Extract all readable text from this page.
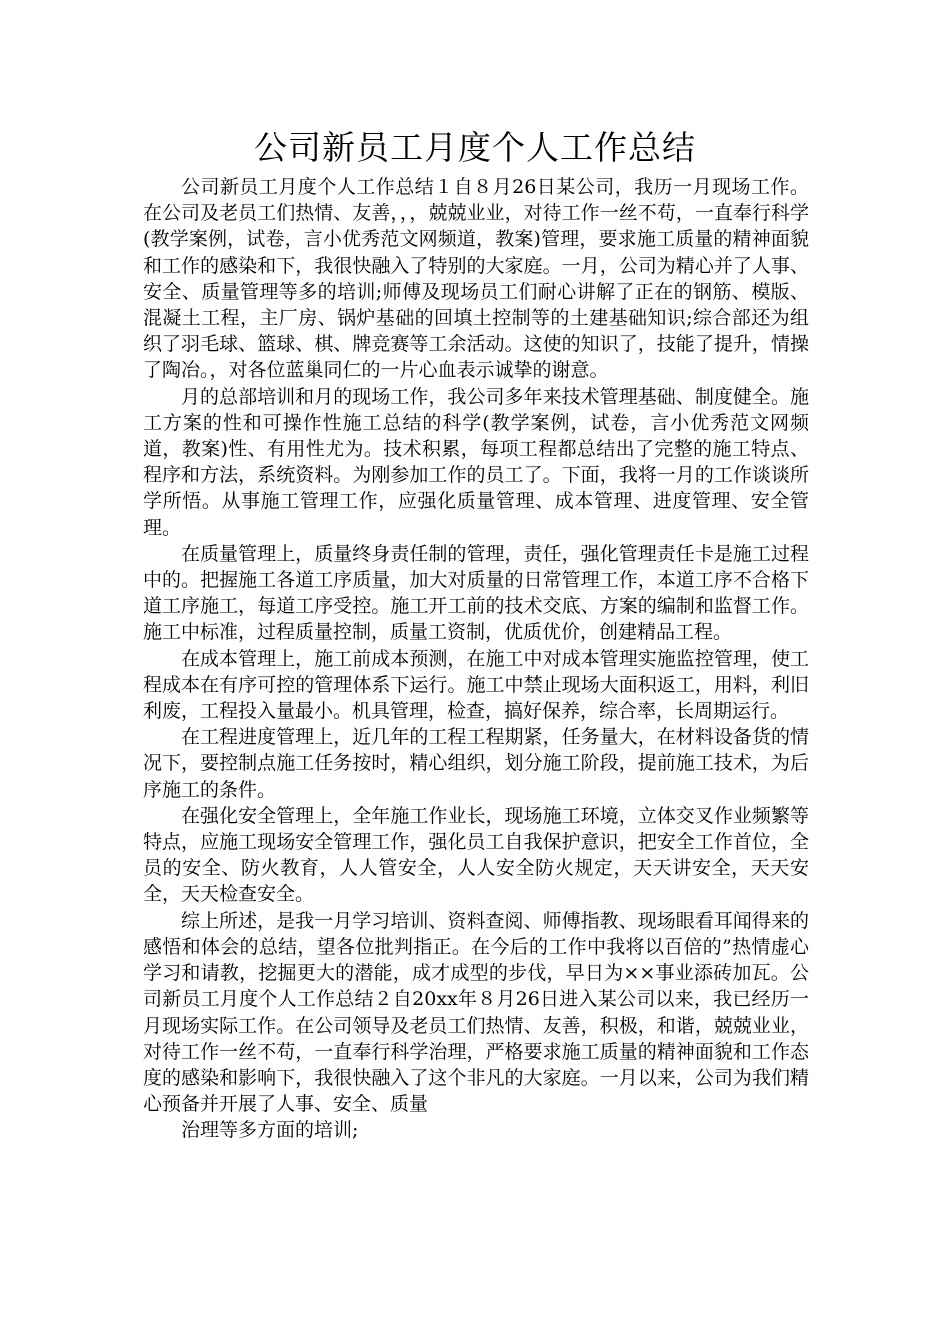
公司新员工月度个人工作总结

公司新员工月度个人工作总结１自８月26日某公司，我历一月现场工作。在公司及老员工们热情、友善，，，兢兢业业，对待工作一丝不苟，一直奉行科学(教学案例，试卷，言小优秀范文网频道，教案)管理，要求施工质量的精神面貌和工作的感染和下，我很快融入了特别的大家庭。一月，公司为精心并了人事、安全、质量管理等多的培训;师傅及现场员工们耐心讲解了正在的钢筋、模版、混凝土工程，主厂房、锅炉基础的回填土控制等的土建基础知识;综合部还为组织了羽毛球、篮球、棋、牌竞赛等工余活动。这使的知识了，技能了提升，情操了陶冶。，对各位蓝巢同仁的一片心血表示诚挚的谢意。

月的总部培训和月的现场工作，我公司多年来技术管理基础、制度健全。施工方案的性和可操作性施工总结的科学(教学案例，试卷，言小优秀范文网频道，教案)性、有用性尤为。技术积累，每项工程都总结出了完整的施工特点、程序和方法，系统资料。为刚参加工作的员工了。下面，我将一月的工作谈谈所学所悟。从事施工管理工作，应强化质量管理、成本管理、进度管理、安全管理。

在质量管理上，质量终身责任制的管理，责任，强化管理责任卡是施工过程中的。把握施工各道工序质量，加大对质量的日常管理工作，本道工序不合格下道工序施工，每道工序受控。施工开工前的技术交底、方案的编制和监督工作。施工中标准，过程质量控制，质量工资制，优质优价，创建精品工程。

在成本管理上，施工前成本预测，在施工中对成本管理实施监控管理，使工程成本在有序可控的管理体系下运行。施工中禁止现场大面积返工，用料，利旧利废，工程投入量最小。机具管理，检查，搞好保养，综合率，长周期运行。

在工程进度管理上，近几年的工程工程期紧，任务量大，在材料设备货的情况下，要控制点施工任务按时，精心组织，划分施工阶段，提前施工技术，为后序施工的条件。

在强化安全管理上，全年施工作业长，现场施工环境，立体交叉作业频繁等特点，应施工现场安全管理工作，强化员工自我保护意识，把安全工作首位，全员的安全、防火教育，人人管安全，人人安全防火规定，天天讲安全，天天安全，天天检查安全。

综上所述，是我一月学习培训、资料查阅、师傅指教、现场眼看耳闻得来的感悟和体会的总结，望各位批判指正。在今后的工作中我将以百倍的”热情虚心学习和请教，挖掘更大的潜能，成才成型的步伐，早日为××事业添砖加瓦。公司新员工月度个人工作总结２自20xx年８月26日进入某公司以来，我已经历一月现场实际工作。在公司领导及老员工们热情、友善，积极，和谐，兢兢业业，对待工作一丝不苟，一直奉行科学治理，严格要求施工质量的精神面貌和工作态度的感染和影响下，我很快融入了这个非凡的大家庭。一月以来，公司为我们精心预备并开展了人事、安全、质量

治理等多方面的培训;
